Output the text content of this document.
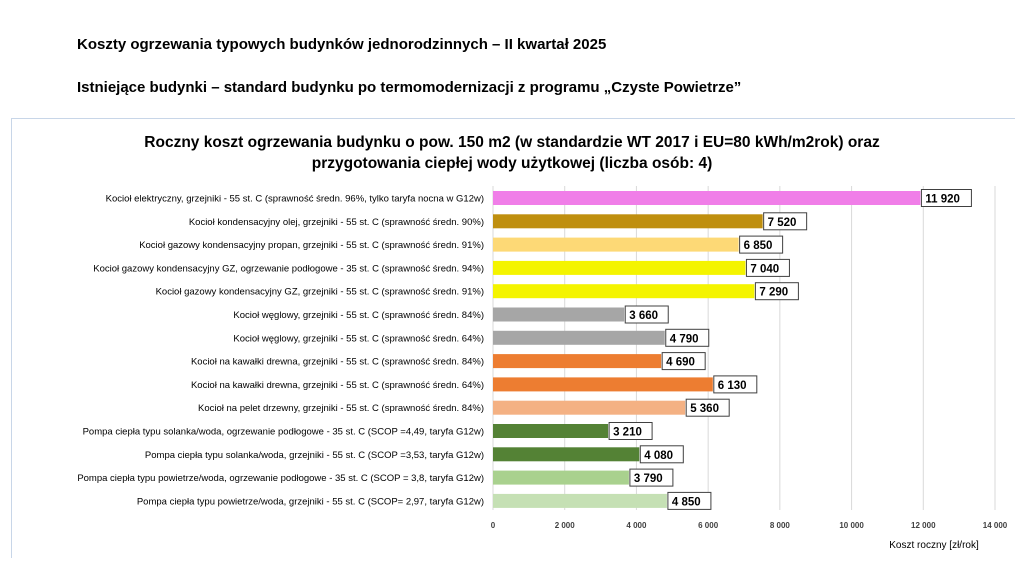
Koszty ogrzewania typowych budynków jednorodzinnych – II kwartał 2025
Istniejące budynki – standard budynku po termomodernizacji z programu „Czyste Powietrze”
Roczny koszt ogrzewania budynku o pow. 150 m2 (w standardzie WT 2017 i EU=80 kWh/m2rok) oraz
przygotowania ciepłej wody użytkowej (liczba osób: 4)
Kocioł elektryczny, grzejniki - 55 st. C (sprawność średn. 96%, tylko taryfa nocna w G12w)
Kocioł kondensacyjny olej, grzejniki - 55 st. C (sprawność średn. 90%)
Kocioł gazowy kondensacyjny propan, grzejniki - 55 st. C (sprawność średn. 91%)
Kocioł gazowy kondensacyjny GZ, ogrzewanie podłogowe - 35 st. C (sprawność średn. 94%)
Kocioł gazowy kondensacyjny GZ, grzejniki - 55 st. C (sprawność średn. 91%)
Kocioł węglowy, grzejniki - 55 st. C (sprawność średn. 84%)
Kocioł węglowy, grzejniki - 55 st. C (sprawność średn. 64%)
Kocioł na kawałki drewna, grzejniki - 55 st. C (sprawność średn. 84%)
Kocioł na kawałki drewna, grzejniki - 55 st. C (sprawność średn. 64%)
Kocioł na pelet drzewny, grzejniki - 55 st. C (sprawność średn. 84%)
Pompa ciepła typu solanka/woda, ogrzewanie podłogowe - 35 st. C (SCOP =4,49, taryfa G12w)
Pompa ciepła typu solanka/woda, grzejniki - 55 st. C (SCOP =3,53, taryfa G12w)
Pompa ciepła typu powietrze/woda, ogrzewanie podłogowe - 35 st. C (SCOP = 3,8, taryfa G12w)
Pompa ciepła typu powietrze/woda, grzejniki - 55 st. C (SCOP= 2,97, taryfa G12w)
11 920
7 520
6 850
7 040
7 290
3 660
4 790
4 690
6 130
5 360
3 210
4 080
3 790
4 850
0	2 000	4 000	6 000	8 000	10 000	12 000	14 000
Koszt roczny [zł/rok]
